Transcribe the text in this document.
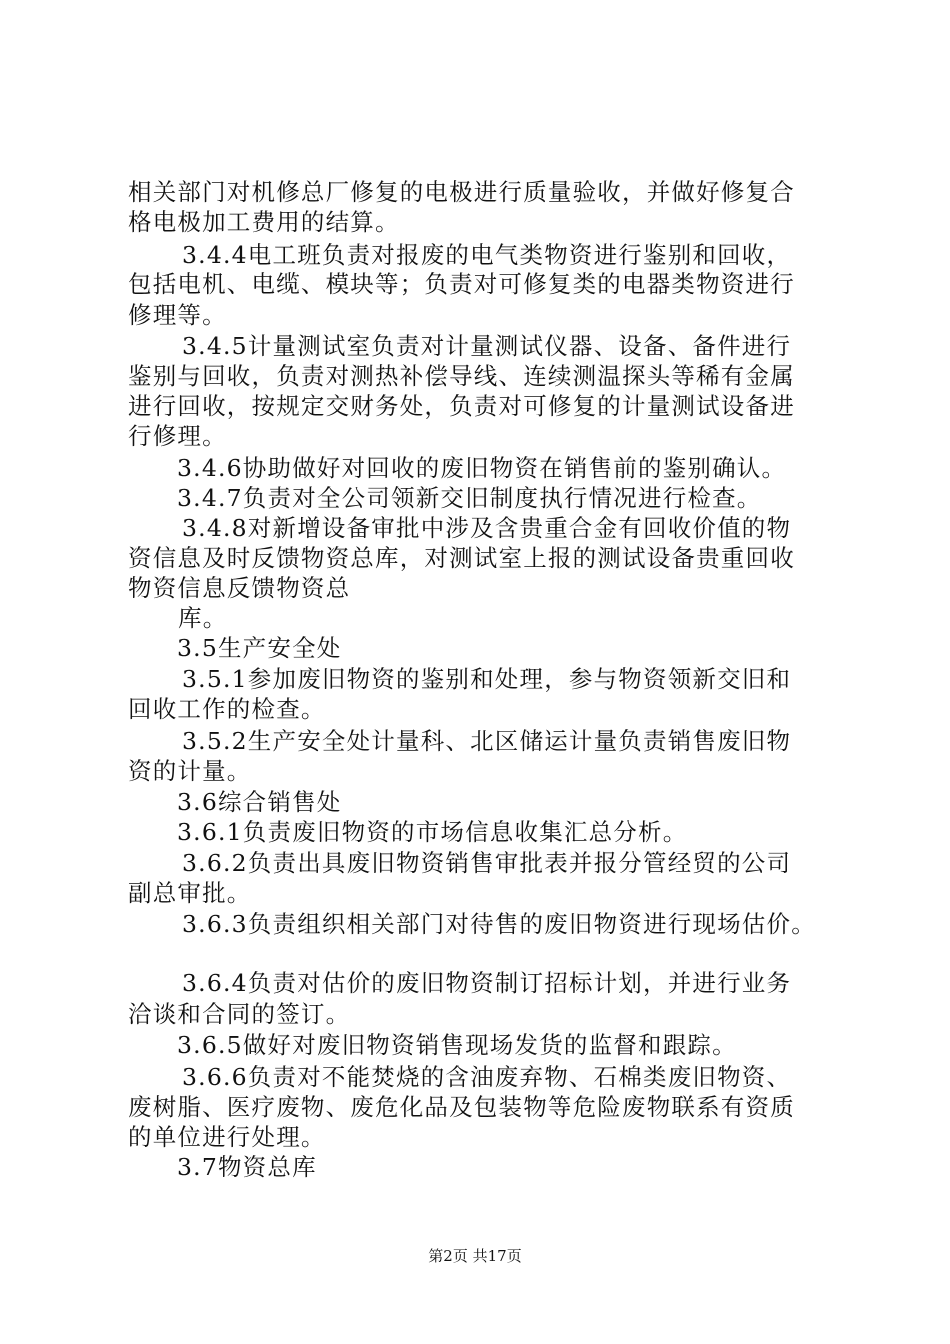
相关部门对机修总厂修复的电极进行质量验收，并做好修复合
格电极加工费用的结算。
3.4.4电工班负责对报废的电气类物资进行鉴别和回收，
包括电机、电缆、模块等；负责对可修复类的电器类物资进行
修理等。
3.4.5计量测试室负责对计量测试仪器、设备、备件进行
鉴别与回收，负责对测热补偿导线、连续测温探头等稀有金属
进行回收，按规定交财务处，负责对可修复的计量测试设备进
行修理。
3.4.6协助做好对回收的废旧物资在销售前的鉴别确认。
3.4.7负责对全公司领新交旧制度执行情况进行检查。
3.4.8对新增设备审批中涉及含贵重合金有回收价值的物
资信息及时反馈物资总库，对测试室上报的测试设备贵重回收
物资信息反馈物资总
库。
3.5生产安全处
3.5.1参加废旧物资的鉴别和处理，参与物资领新交旧和
回收工作的检查。
3.5.2生产安全处计量科、北区储运计量负责销售废旧物
资的计量。
3.6综合销售处
3.6.1负责废旧物资的市场信息收集汇总分析。
3.6.2负责出具废旧物资销售审批表并报分管经贸的公司
副总审批。
3.6.3负责组织相关部门对待售的废旧物资进行现场估价。
3.6.4负责对估价的废旧物资制订招标计划，并进行业务
洽谈和合同的签订。
3.6.5做好对废旧物资销售现场发货的监督和跟踪。
3.6.6负责对不能焚烧的含油废弃物、石棉类废旧物资、
废树脂、医疗废物、废危化品及包装物等危险废物联系有资质
的单位进行处理。
3.7物资总库
第2页 共17页
